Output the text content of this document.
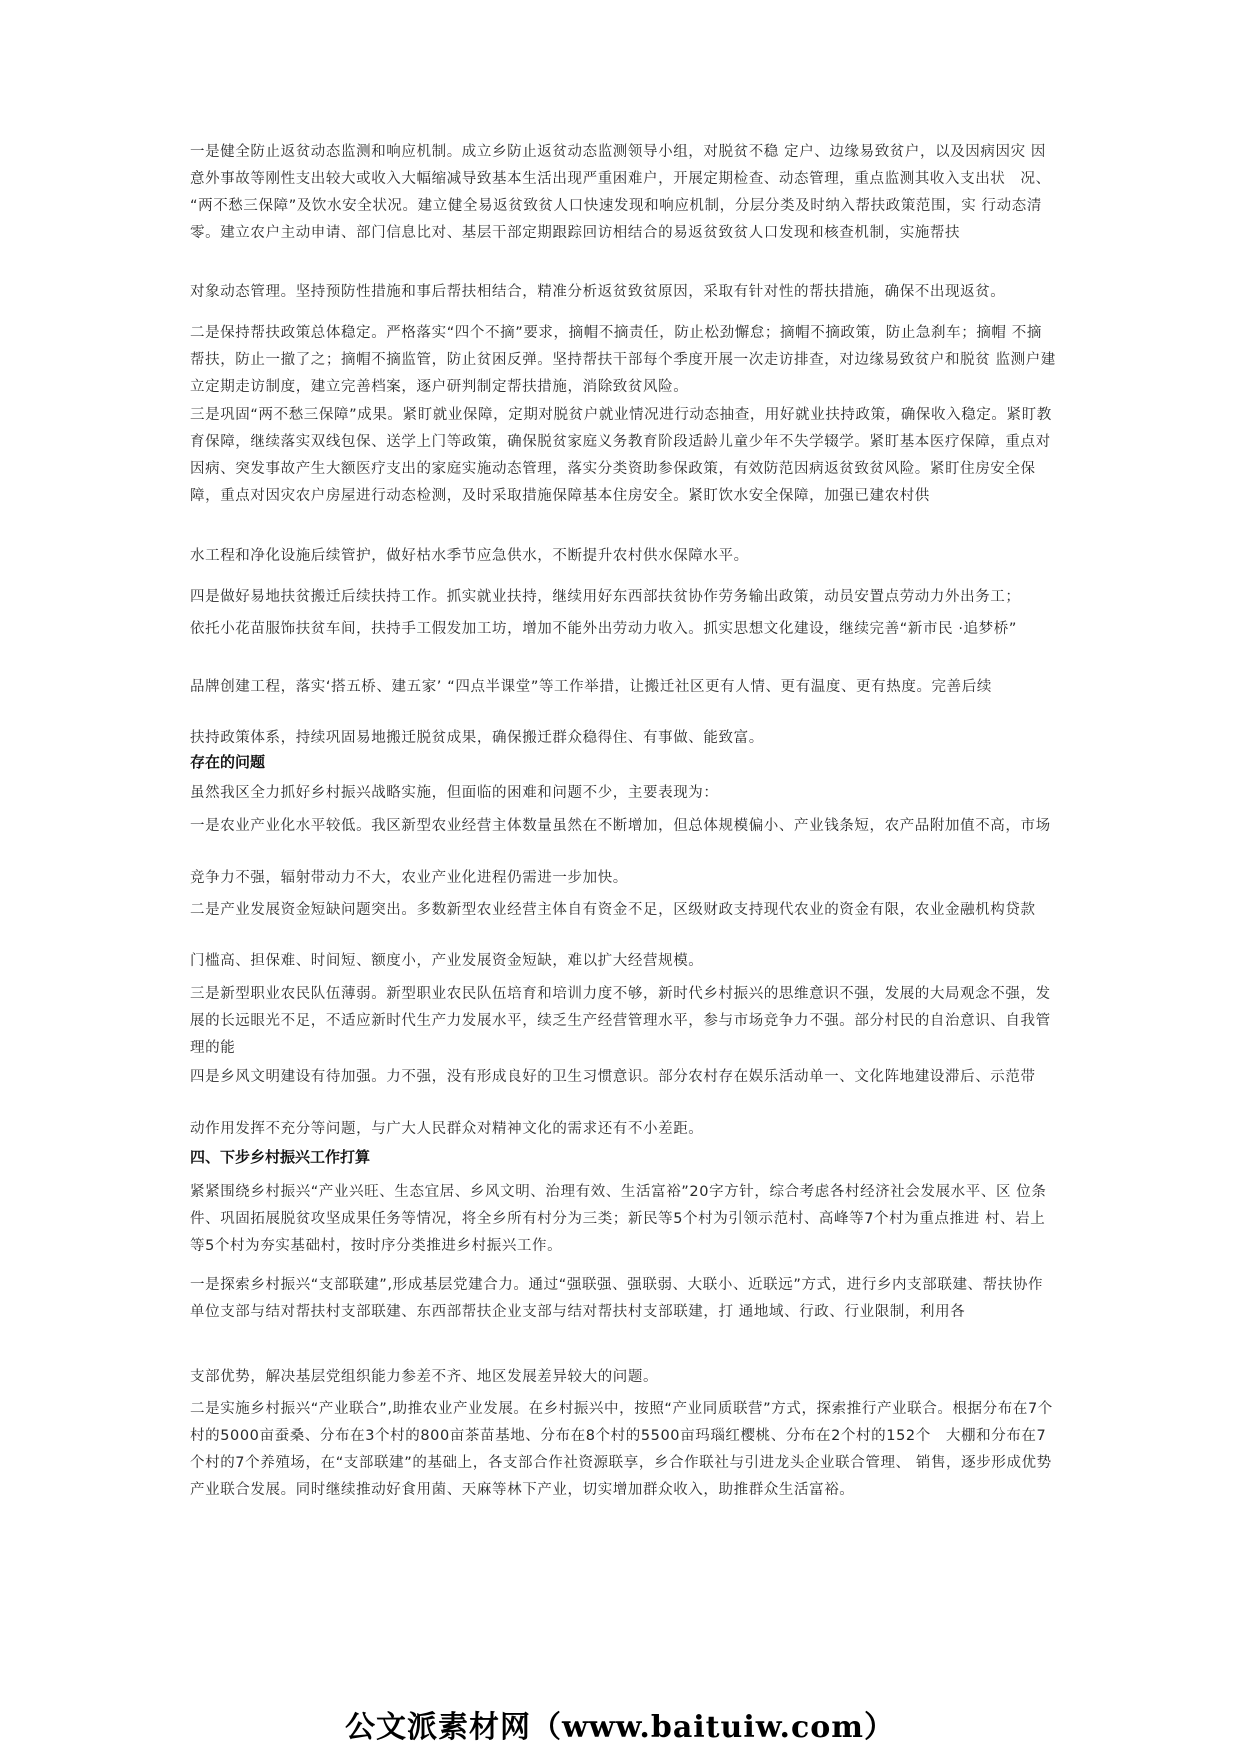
一是健全防止返贫动态监测和响应机制。成立乡防止返贫动态监测领导小组，对脱贫不稳 定户、边缘易致贫户，以及因病因灾 因意外事故等刚性支出较大或收入大幅缩减导致基本生活出现严重困难户，开展定期检查、动态管理，重点监测其收入支出状　况、　“两不愁三保障”及饮水安全状况。建立健全易返贫致贫人口快速发现和响应机制，分层分类及时纳入帮扶政策范围，实 行动态清零。建立农户主动申请、部门信息比对、基层干部定期跟踪回访相结合的易返贫致贫人口发现和核查机制，实施帮扶

对象动态管理。坚持预防性措施和事后帮扶相结合，精准分析返贫致贫原因，采取有针对性的帮扶措施，确保不出现返贫。

二是保持帮扶政策总体稳定。严格落实“四个不摘”要求，摘帽不摘责任，防止松劲懈怠；摘帽不摘政策，防止急刹车；摘帽 不摘帮扶，防止一撤了之；摘帽不摘监管，防止贫困反弹。坚持帮扶干部每个季度开展一次走访排查，对边缘易致贫户和脱贫 监测户建立定期走访制度，建立完善档案，逐户研判制定帮扶措施，消除致贫风险。

三是巩固“两不愁三保障”成果。紧盯就业保障，定期对脱贫户就业情况进行动态抽查，用好就业扶持政策，确保收入稳定。紧盯教育保障，继续落实双线包保、送学上门等政策，确保脱贫家庭义务教育阶段适龄儿童少年不失学辍学。紧盯基本医疗保障，重点对因病、突发事故产生大额医疗支出的家庭实施动态管理，落实分类资助参保政策，有效防范因病返贫致贫风险。紧盯住房安全保障，重点对因灾农户房屋进行动态检测，及时采取措施保障基本住房安全。紧盯饮水安全保障，加强已建农村供

水工程和净化设施后续管护，做好枯水季节应急供水，不断提升农村供水保障水平。

四是做好易地扶贫搬迁后续扶持工作。抓实就业扶持，继续用好东西部扶贫协作劳务输出政策，动员安置点劳动力外出务工；

依托小花苗服饰扶贫车间，扶持手工假发加工坊，增加不能外出劳动力收入。抓实思想文化建设，继续完善“新市民 ·追梦桥”

品牌创建工程，落实‘搭五桥、建五家’ “四点半课堂”等工作举措，让搬迁社区更有人情、更有温度、更有热度。完善后续

扶持政策体系，持续巩固易地搬迁脱贫成果，确保搬迁群众稳得住、有事做、能致富。

存在的问题

虽然我区全力抓好乡村振兴战略实施，但面临的困难和问题不少，主要表现为：

一是农业产业化水平较低。我区新型农业经营主体数量虽然在不断增加，但总体规模偏小、产业钱条短，农产品附加值不高，市场

竞争力不强，辐射带动力不大，农业产业化进程仍需进一步加快。

二是产业发展资金短缺问题突出。多数新型农业经营主体自有资金不足，区级财政支持现代农业的资金有限，农业金融机构贷款

门槛高、担保难、时间短、额度小，产业发展资金短缺，难以扩大经营规模。

三是新型职业农民队伍薄弱。新型职业农民队伍培育和培训力度不够，新时代乡村振兴的思维意识不强，发展的大局观念不强，发 展的长远眼光不足，不适应新时代生产力发展水平，续乏生产经营管理水平，参与市场竞争力不强。部分村民的自治意识、自我管 理的能

四是乡风文明建设有待加强。力不强，没有形成良好的卫生习惯意识。部分农村存在娱乐活动单一、文化阵地建设滞后、示范带

动作用发挥不充分等问题，与广大人民群众对精神文化的需求还有不小差距。

四、下步乡村振兴工作打算

紧紧围绕乡村振兴“产业兴旺、生态宜居、乡风文明、治理有效、生活富裕”20字方针，综合考虑各村经济社会发展水平、区 位条件、巩固拓展脱贫攻坚成果任务等情况，将全乡所有村分为三类；新民等5个村为引领示范村、高峰等7个村为重点推进 村、岩上等5个村为夯实基础村，按时序分类推进乡村振兴工作。

一是探索乡村振兴“支部联建”,形成基层党建合力。通过“强联强、强联弱、大联小、近联远”方式，进行乡内支部联建、帮扶协作单位支部与结对帮扶村支部联建、东西部帮扶企业支部与结对帮扶村支部联建，打 通地域、行政、行业限制，利用各

支部优势，解决基层党组织能力参差不齐、地区发展差异较大的问题。

二是实施乡村振兴“产业联合”,助推农业产业发展。在乡村振兴中，按照“产业同质联营”方式，探索推行产业联合。根据分布在7个村的5000亩蚕桑、分布在3个村的800亩茶苗基地、分布在8个村的5500亩玛瑙红樱桃、分布在2个村的152个　大棚和分布在7个村的7个养殖场，在“支部联建”的基础上，各支部合作社资源联享，乡合作联社与引进龙头企业联合管理、 销售，逐步形成优势产业联合发展。同时继续推动好食用菌、天麻等林下产业，切实增加群众收入，助推群众生活富裕。

公文派素材网（www.baituiw.com）
